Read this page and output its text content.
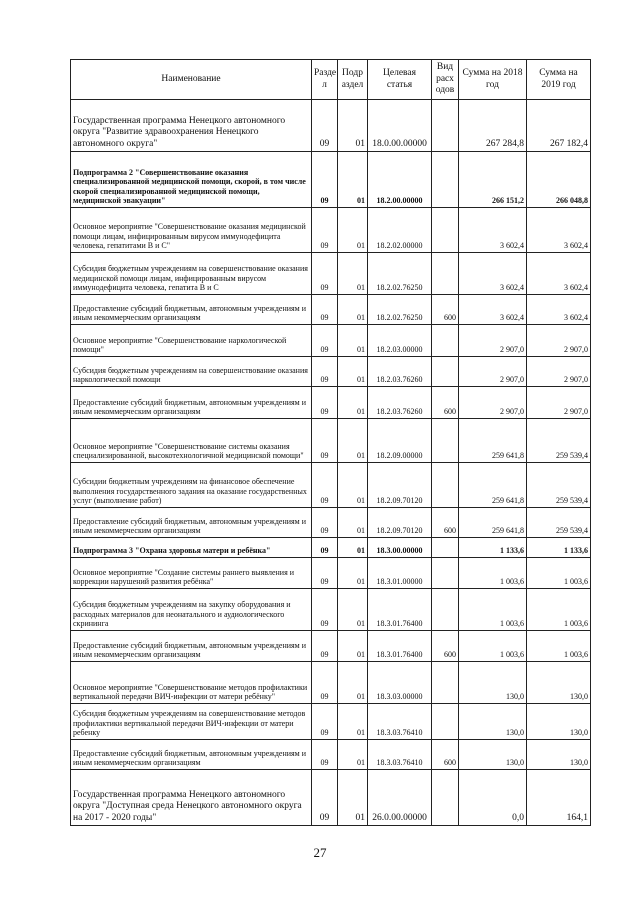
Наименование	Разде л	Подр аздел	Целевая статья	Вид расх одов	Сумма на 2018 год	Сумма на 2019 год

Государственная программа Ненецкого автономного округа "Развитие здравоохранения Ненецкого автономного округа"	09	01	18.0.00.00000		267 284,8	267 182,4

Подпрограмма 2 "Совершенствование оказания специализированной медицинской помощи, скорой, в том числе скорой специализированной медицинской помощи, медицинской эвакуации"	09	01	18.2.00.00000		266 151,2	266 048,8

Основное мероприятие "Совершенствование оказания медицинской помощи лицам, инфицированным вирусом иммунодефицита человека, гепатитами В и С"	09	01	18.2.02.00000		3 602,4	3 602,4

Субсидия бюджетным учреждениям на совершенствование оказания медицинской помощи лицам, инфицированным вирусом иммунодефицита человека, гепатита В и С	09	01	18.2.02.76250		3 602,4	3 602,4

Предоставление субсидий бюджетным, автономным учреждениям и иным некоммерческим организациям	09	01	18.2.02.76250	600	3 602,4	3 602,4

Основное мероприятие "Совершенствование наркологической помощи"	09	01	18.2.03.00000		2 907,0	2 907,0

Субсидия бюджетным учреждениям на совершенствование оказания наркологической помощи	09	01	18.2.03.76260		2 907,0	2 907,0

Предоставление субсидий бюджетным, автономным учреждениям и иным некоммерческим организациям	09	01	18.2.03.76260	600	2 907,0	2 907,0

Основное мероприятие "Совершенствование системы оказания специализированной, высокотехнологичной медицинской помощи"	09	01	18.2.09.00000		259 641,8	259 539,4

Субсидии бюджетным учреждениям на финансовое обеспечение выполнения государственного задания на оказание государственных услуг (выполнение работ)	09	01	18.2.09.70120		259 641,8	259 539,4

Предоставление субсидий бюджетным, автономным учреждениям и иным некоммерческим организациям	09	01	18.2.09.70120	600	259 641,8	259 539,4

Подпрограмма 3 "Охрана здоровья матери и ребёнка"	09	01	18.3.00.00000		1 133,6	1 133,6

Основное мероприятие "Создание системы раннего выявления и коррекции нарушений развития ребёнка"	09	01	18.3.01.00000		1 003,6	1 003,6

Субсидия бюджетным учреждениям на закупку оборудования и расходных материалов для неонатального и аудиологического скрининга	09	01	18.3.01.76400		1 003,6	1 003,6

Предоставление субсидий бюджетным, автономным учреждениям и иным некоммерческим организациям	09	01	18.3.01.76400	600	1 003,6	1 003,6

Основное мероприятие "Совершенствование методов профилактики вертикальной передачи ВИЧ-инфекции от матери ребёнку"	09	01	18.3.03.00000		130,0	130,0

Субсидия бюджетным учреждениям на совершенствование методов профилактики вертикальной передачи ВИЧ-инфекции от матери ребенку	09	01	18.3.03.76410		130,0	130,0

Предоставление субсидий бюджетным, автономным учреждениям и иным некоммерческим организациям	09	01	18.3.03.76410	600	130,0	130,0

Государственная программа Ненецкого автономного округа "Доступная среда Ненецкого автономного округа на 2017 - 2020 годы"	09	01	26.0.00.00000		0,0	164,1
27
